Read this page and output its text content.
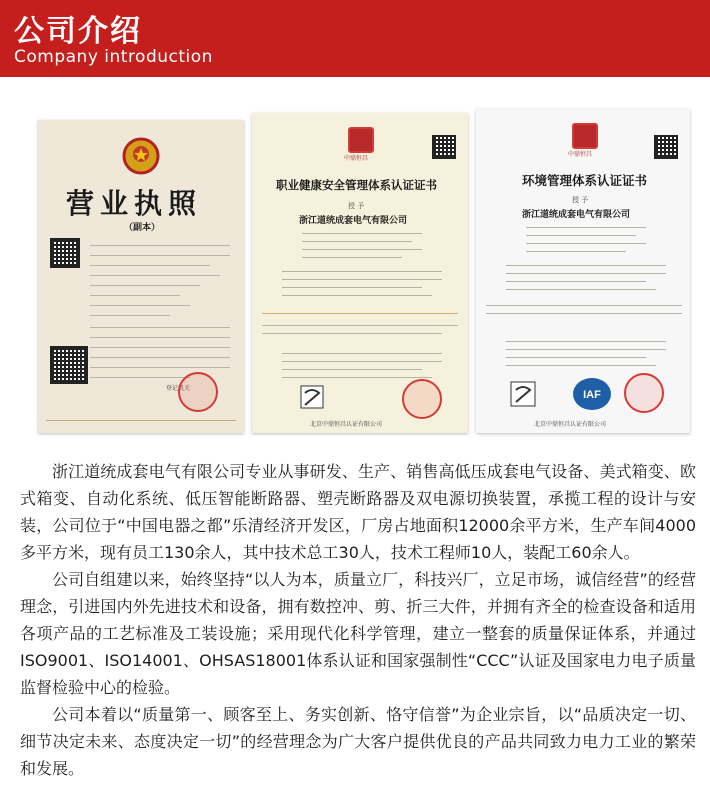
公司介绍
Company introduction
营业执照
（副本）
登记机关
中鼎恒昌
职业健康安全管理体系认证证书
授 予
浙江道统成套电气有限公司
北京中鼎恒昌认证有限公司
中鼎恒昌
环境管理体系认证证书
授 予
浙江道统成套电气有限公司
IAF
北京中鼎恒昌认证有限公司

浙江道统成套电气有限公司专业从事研发、生产、销售高低压成套电气设备、美式箱变、欧式箱变、自动化系统、低压智能断路器、塑壳断路器及双电源切换装置，承揽工程的设计与安装，公司位于“中国电器之都”乐清经济开发区，厂房占地面积12000余平方米，生产车间4000多平方米，现有员工130余人，其中技术总工30人，技术工程师10人，装配工60余人。

公司自组建以来，始终坚持“以人为本，质量立厂，科技兴厂，立足市场，诚信经营”的经营理念，引进国内外先进技术和设备，拥有数控冲、剪、折三大件，并拥有齐全的检查设备和适用各项产品的工艺标准及工装设施；采用现代化科学管理，建立一整套的质量保证体系，并通过ISO9001、ISO14001、OHSAS18001体系认证和国家强制性“CCC”认证及国家电力电子质量监督检验中心的检验。

公司本着以“质量第一、顾客至上、务实创新、恪守信誉”为企业宗旨，以“品质决定一切、细节决定未来、态度决定一切”的经营理念为广大客户提供优良的产品共同致力电力工业的繁荣和发展。
